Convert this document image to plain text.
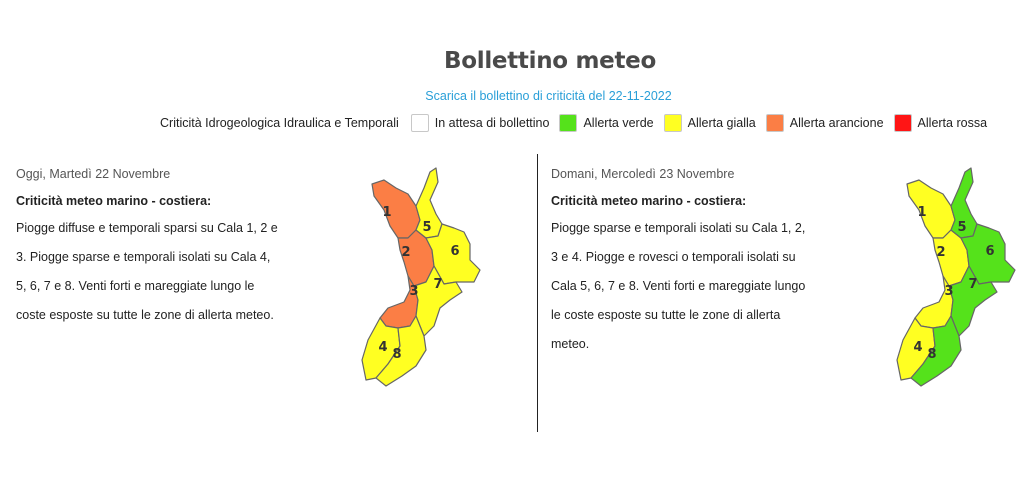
Bollettino meteo
Scarica il bollettino di criticità del 22-11-2022
Criticità Idrogeologica Idraulica e Temporali	In attesa di bollettino	Allerta verde	Allerta gialla	Allerta arancione	Allerta rossa
Oggi, Martedì 22 Novembre
Criticità meteo marino - costiera:
Piogge diffuse e temporali sparsi su Cala 1, 2 e 3. Piogge sparse e temporali isolati su Cala 4, 5, 6, 7 e 8. Venti forti e mareggiate lungo le coste esposte su tutte le zone di allerta meteo.
Domani, Mercoledì 23 Novembre
Criticità meteo marino - costiera:
Piogge sparse e temporali isolati su Cala 1, 2, 3 e 4. Piogge e rovesci o temporali isolati su Cala 5, 6, 7 e 8. Venti forti e mareggiate lungo le coste esposte su tutte le zone di allerta meteo.
1
2
3
4
5
6
7
8
1
2
3
4
5
6
7
8
